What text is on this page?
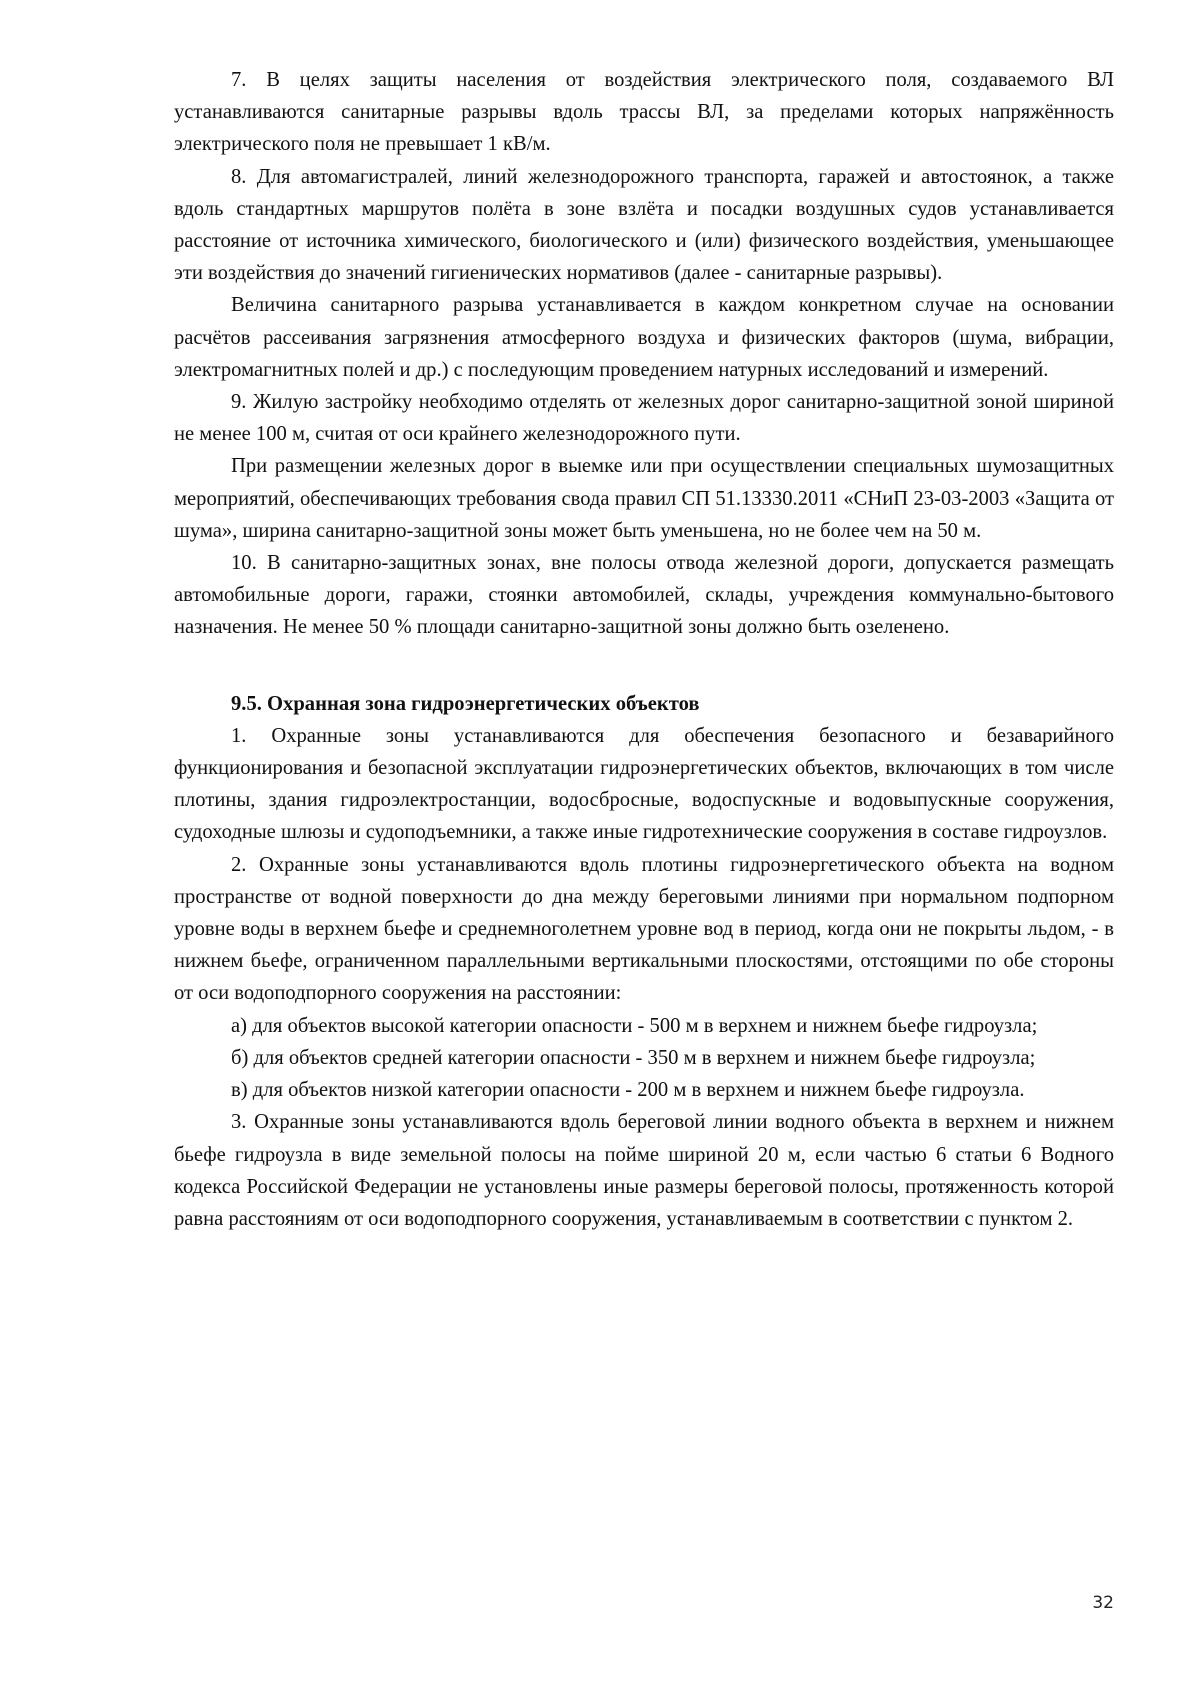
7. В целях защиты населения от воздействия электрического поля, создаваемого ВЛ устанавливаются санитарные разрывы вдоль трассы ВЛ, за пределами которых напряжённость электрического поля не превышает 1 кВ/м.

8. Для автомагистралей, линий железнодорожного транспорта, гаражей и автостоянок, а также вдоль стандартных маршрутов полёта в зоне взлёта и посадки воздушных судов устанавливается расстояние от источника химического, биологического и (или) физического воздействия, уменьшающее эти воздействия до значений гигиенических нормативов (далее - санитарные разрывы).

Величина санитарного разрыва устанавливается в каждом конкретном случае на основании расчётов рассеивания загрязнения атмосферного воздуха и физических факторов (шума, вибрации, электромагнитных полей и др.) с последующим проведением натурных исследований и измерений.

9. Жилую застройку необходимо отделять от железных дорог санитарно-защитной зоной шириной не менее 100 м, считая от оси крайнего железнодорожного пути.

При размещении железных дорог в выемке или при осуществлении специальных шумозащитных мероприятий, обеспечивающих требования свода правил СП 51.13330.2011 «СНиП 23-03-2003 «Защита от шума», ширина санитарно-защитной зоны может быть уменьшена, но не более чем на 50 м.

10. В санитарно-защитных зонах, вне полосы отвода железной дороги, допускается размещать автомобильные дороги, гаражи, стоянки автомобилей, склады, учреждения коммунально-бытового назначения. Не менее 50 % площади санитарно-защитной зоны должно быть озеленено.

9.5. Охранная зона гидроэнергетических объектов

1. Охранные зоны устанавливаются для обеспечения безопасного и безаварийного функционирования и безопасной эксплуатации гидроэнергетических объектов, включающих в том числе плотины, здания гидроэлектростанции, водосбросные, водоспускные и водовыпускные сооружения, судоходные шлюзы и судоподъемники, а также иные гидротехнические сооружения в составе гидроузлов.

2. Охранные зоны устанавливаются вдоль плотины гидроэнергетического объекта на водном пространстве от водной поверхности до дна между береговыми линиями при нормальном подпорном уровне воды в верхнем бьефе и среднемноголетнем уровне вод в период, когда они не покрыты льдом, - в нижнем бьефе, ограниченном параллельными вертикальными плоскостями, отстоящими по обе стороны от оси водоподпорного сооружения на расстоянии:

а) для объектов высокой категории опасности - 500 м в верхнем и нижнем бьефе гидроузла;

б) для объектов средней категории опасности - 350 м в верхнем и нижнем бьефе гидроузла;

в) для объектов низкой категории опасности - 200 м в верхнем и нижнем бьефе гидроузла.

3. Охранные зоны устанавливаются вдоль береговой линии водного объекта в верхнем и нижнем бьефе гидроузла в виде земельной полосы на пойме шириной 20 м, если частью 6 статьи 6 Водного кодекса Российской Федерации не установлены иные размеры береговой полосы, протяженность которой равна расстояниям от оси водоподпорного сооружения, устанавливаемым в соответствии с пунктом 2.

32
